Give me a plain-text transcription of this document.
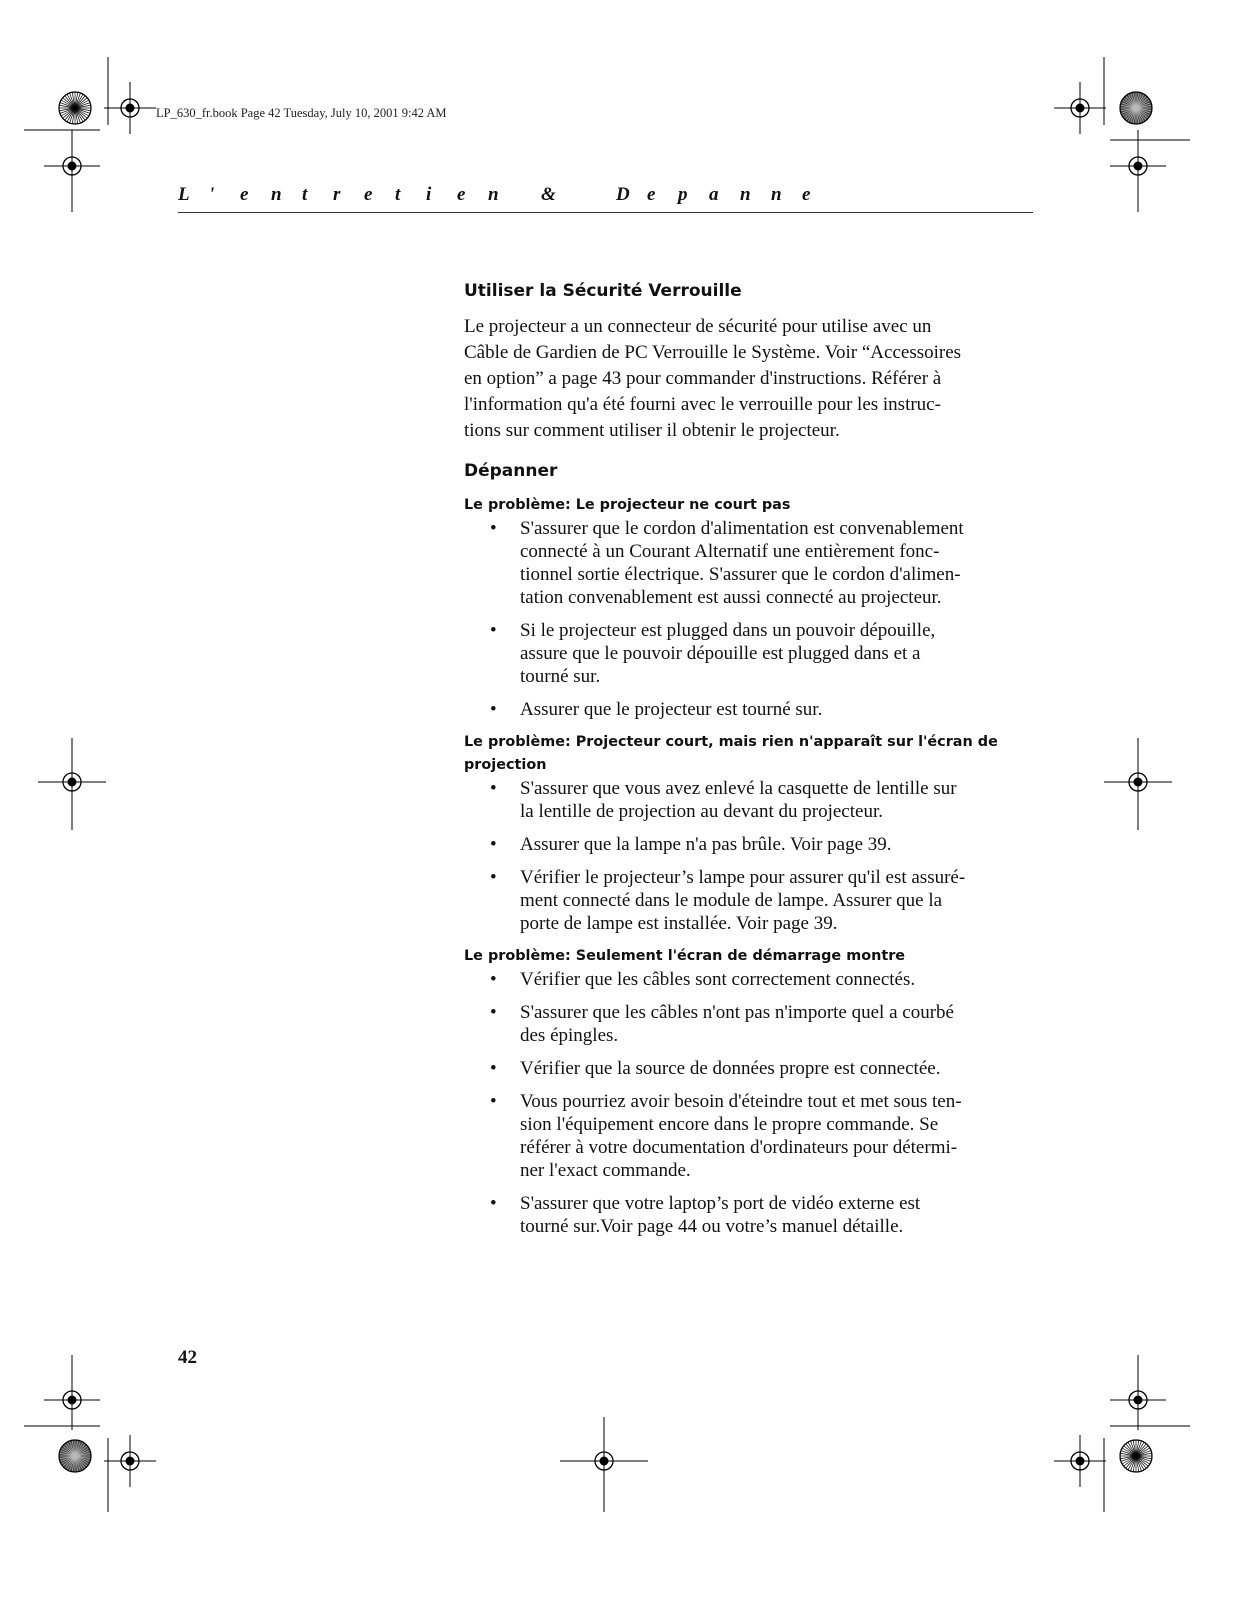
LP_630_fr.book Page 42 Tuesday, July 10, 2001 9:42 AM
L ' e n t r e t i e n &	D e p a n n e
Utiliser la Sécurité Verrouille

Le projecteur a un connecteur de sécurité pour utilise avec un
Câble de Gardien de PC Verrouille le Système. Voir “Accessoires
en option” a page 43 pour commander d'instructions. Référer à
l'information qu'a été fourni avec le verrouille pour les instruc-
tions sur comment utiliser il obtenir le projecteur.

Dépanner
Le problème: Le projecteur ne court pas
• S'assurer que le cordon d'alimentation est convenablement
connecté à un Courant Alternatif une entièrement fonc-
tionnel sortie électrique. S'assurer que le cordon d'alimen-
tation convenablement est aussi connecté au projecteur.
• Si le projecteur est plugged dans un pouvoir dépouille,
assure que le pouvoir dépouille est plugged dans et a
tourné sur.
• Assurer que le projecteur est tourné sur.
Le problème: Projecteur court, mais rien n'apparaît sur l'écran de projection
• S'assurer que vous avez enlevé la casquette de lentille sur
la lentille de projection au devant du projecteur.
• Assurer que la lampe n'a pas brûle. Voir page 39.
• Vérifier le projecteur’s lampe pour assurer qu'il est assuré-
ment connecté dans le module de lampe. Assurer que la
porte de lampe est installée. Voir page 39.
Le problème: Seulement l'écran de démarrage montre
• Vérifier que les câbles sont correctement connectés.
• S'assurer que les câbles n'ont pas n'importe quel a courbé
des épingles.
• Vérifier que la source de données propre est connectée.
• Vous pourriez avoir besoin d'éteindre tout et met sous ten-
sion l'équipement encore dans le propre commande. Se
référer à votre documentation d'ordinateurs pour détermi-
ner l'exact commande.
• S'assurer que votre laptop’s port de vidéo externe est
tourné sur.Voir page 44 ou votre’s manuel détaille.
42
